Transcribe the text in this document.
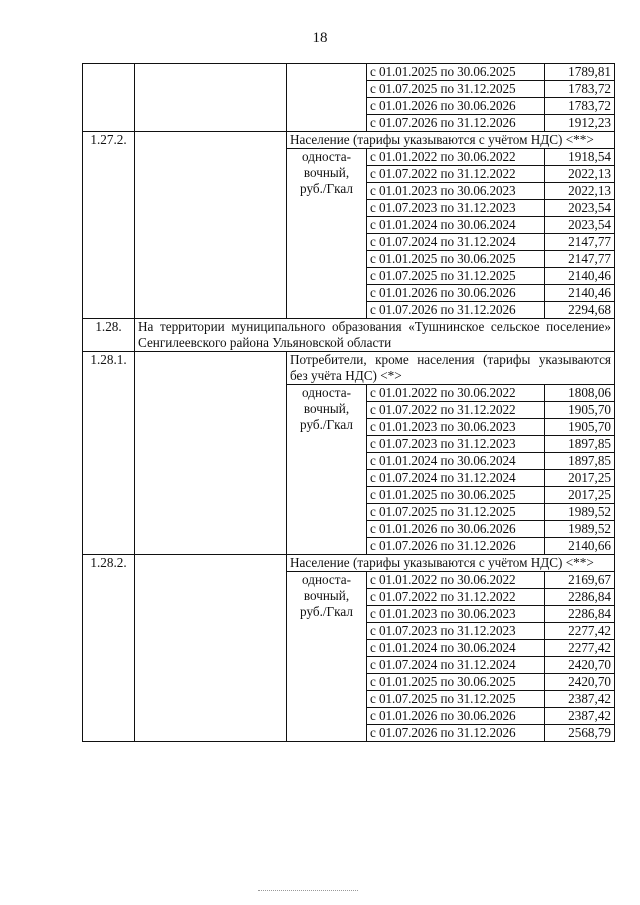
18
			с 01.01.2025 по 30.06.2025	1789,81
			с 01.07.2025 по 31.12.2025	1783,72
			с 01.01.2026 по 30.06.2026	1783,72
			с 01.07.2026 по 31.12.2026	1912,23
1.27.2.		Население (тарифы указываются с учётом НДС) <**>		
		односта-вочный, руб./Гкал	с 01.01.2022 по 30.06.2022	1918,54
			с 01.07.2022 по 31.12.2022	2022,13
			с 01.01.2023 по 30.06.2023	2022,13
			с 01.07.2023 по 31.12.2023	2023,54
			с 01.01.2024 по 30.06.2024	2023,54
			с 01.07.2024 по 31.12.2024	2147,77
			с 01.01.2025 по 30.06.2025	2147,77
			с 01.07.2025 по 31.12.2025	2140,46
			с 01.01.2026 по 30.06.2026	2140,46
			с 01.07.2026 по 31.12.2026	2294,68
1.28.	На территории муниципального образования «Тушнинское сельское поселение» Сенгилеевского района Ульяновской области			
1.28.1.		Потребители, кроме населения (тарифы указываются без учёта НДС) <*>		
		односта-вочный, руб./Гкал	с 01.01.2022 по 30.06.2022	1808,06
			с 01.07.2022 по 31.12.2022	1905,70
			с 01.01.2023 по 30.06.2023	1905,70
			с 01.07.2023 по 31.12.2023	1897,85
			с 01.01.2024 по 30.06.2024	1897,85
			с 01.07.2024 по 31.12.2024	2017,25
			с 01.01.2025 по 30.06.2025	2017,25
			с 01.07.2025 по 31.12.2025	1989,52
			с 01.01.2026 по 30.06.2026	1989,52
			с 01.07.2026 по 31.12.2026	2140,66
1.28.2.		Население (тарифы указываются с учётом НДС) <**>		
		односта-вочный, руб./Гкал	с 01.01.2022 по 30.06.2022	2169,67
			с 01.07.2022 по 31.12.2022	2286,84
			с 01.01.2023 по 30.06.2023	2286,84
			с 01.07.2023 по 31.12.2023	2277,42
			с 01.01.2024 по 30.06.2024	2277,42
			с 01.07.2024 по 31.12.2024	2420,70
			с 01.01.2025 по 30.06.2025	2420,70
			с 01.07.2025 по 31.12.2025	2387,42
			с 01.01.2026 по 30.06.2026	2387,42
			с 01.07.2026 по 31.12.2026	2568,79
